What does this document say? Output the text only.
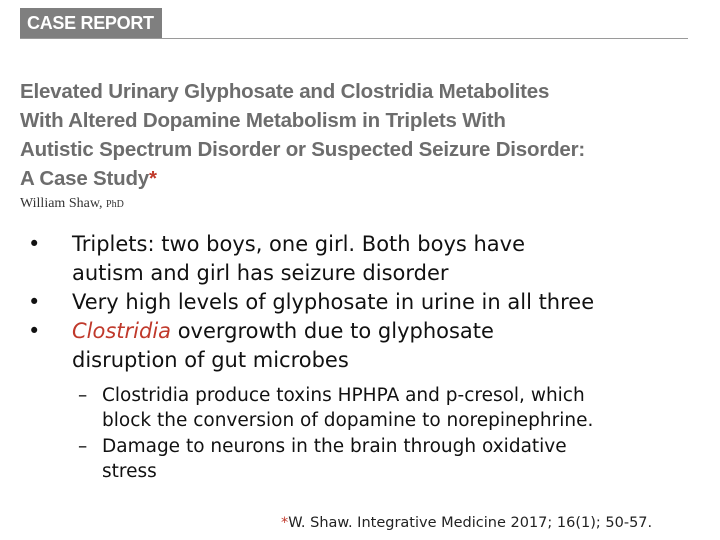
CASE REPORT
Elevated Urinary Glyphosate and Clostridia Metabolites
With Altered Dopamine Metabolism in Triplets With
Autistic Spectrum Disorder or Suspected Seizure Disorder:
A Case Study*
William Shaw, PhD
• Triplets: two boys, one girl. Both boys have
autism and girl has seizure disorder
• Very high levels of glyphosate in urine in all three
• Clostridia overgrowth due to glyphosate
disruption of gut microbes
– Clostridia produce toxins HPHPA and p-cresol, which
block the conversion of dopamine to norepinephrine.
– Damage to neurons in the brain through oxidative
stress
*W. Shaw. Integrative Medicine 2017; 16(1); 50-57.
